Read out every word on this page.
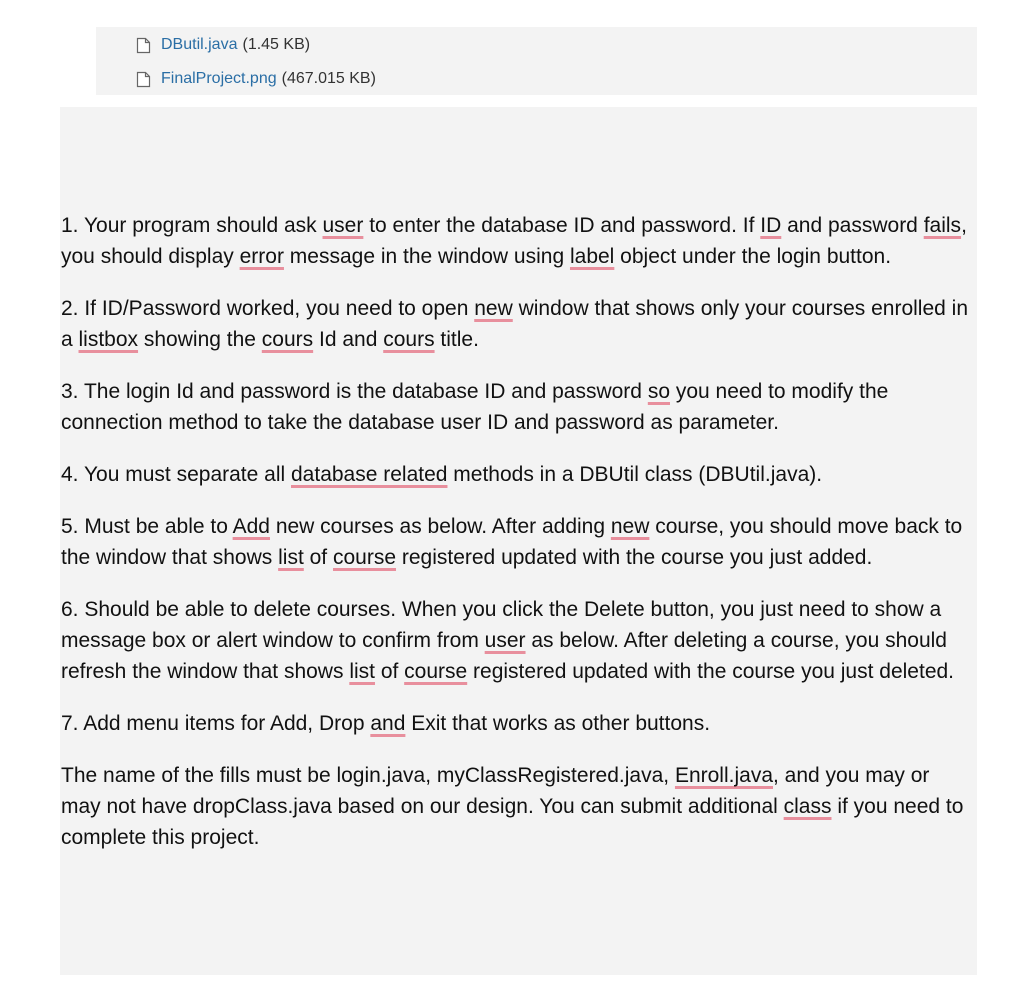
DButil.java (1.45 KB)
FinalProject.png (467.015 KB)

1. Your program should ask user to enter the database ID and password. If ID and password fails, you should display error message in the window using label object under the login button.

2. If ID/Password worked, you need to open new window that shows only your courses enrolled in a listbox showing the cours Id and cours title.

3. The login Id and password is the database ID and password so you need to modify the connection method to take the database user ID and password as parameter.

4. You must separate all database related methods in a DBUtil class (DBUtil.java).

5. Must be able to Add new courses as below. After adding new course, you should move back to the window that shows list of course registered updated with the course you just added.

6. Should be able to delete courses. When you click the Delete button, you just need to show a message box or alert window to confirm from user as below. After deleting a course, you should refresh the window that shows list of course registered updated with the course you just deleted.

7. Add menu items for Add, Drop and Exit that works as other buttons.

The name of the fills must be login.java, myClassRegistered.java, Enroll.java, and you may or may not have dropClass.java based on our design. You can submit additional class if you need to complete this project.
